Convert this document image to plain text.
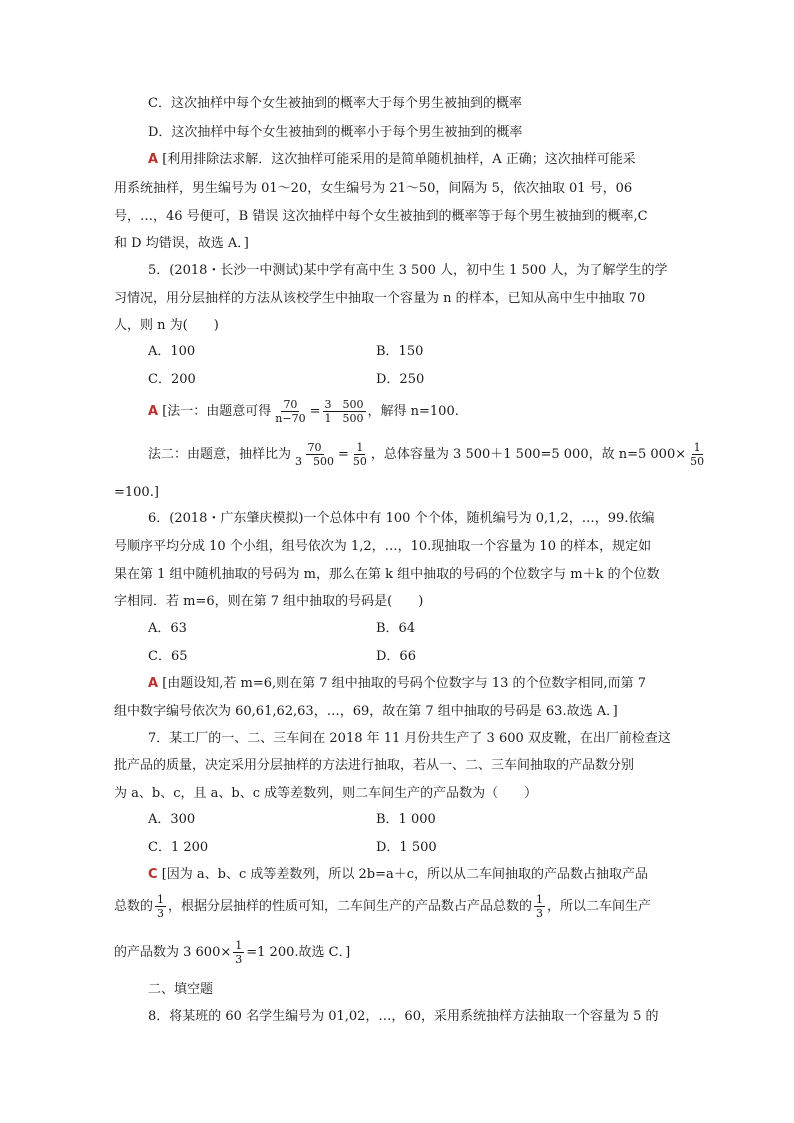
C．这次抽样中每个女生被抽到的概率大于每个男生被抽到的概率
D．这次抽样中每个女生被抽到的概率小于每个男生被抽到的概率
A [利用排除法求解．这次抽样可能采用的是简单随机抽样，A 正确；这次抽样可能采
用系统抽样，男生编号为 01～20，女生编号为 21～50，间隔为 5，依次抽取 01 号，06
号，…，46 号便可，B 错误 这次抽样中每个女生被抽到的概率等于每个男生被抽到的概率,C
和 D 均错误，故选 A．]
5．(2018・长沙一中测试)某中学有高中生 3 500 人，初中生 1 500 人，为了解学生的学
习情况，用分层抽样的方法从该校学生中抽取一个容量为 n 的样本，已知从高中生中抽取 70
人，则 n 为(　　)
A．100	B．150
C．200	D．250
A [法一：由题意可得 $\frac{70}{n-70} = \frac{3 500}{1 500}$ ，解得 n=100.
法二：由题意，抽样比为 $\frac{70}{3 500} = \frac{1}{50}$ ，总体容量为 3 500＋1 500=5 000，故 n=5 $000\times \frac{1}{50}$
=100.]
6．(2018・广东肇庆模拟)一个总体中有 100 个个体，随机编号为 0,1,2，…，99.依编
号顺序平均分成 10 个小组，组号依次为 1,2，…，10.现抽取一个容量为 10 的样本，规定如
果在第 1 组中随机抽取的号码为 m，那么在第 k 组中抽取的号码的个位数字与 m＋k 的个位数
字相同．若 m=6，则在第 7 组中抽取的号码是(　　)
A．63	B．64
C．65	D．66
A [由题设知,若 m=6,则在第 7 组中抽取的号码个位数字与 13 的个位数字相同,而第 7
组中数字编号依次为 60,61,62,63，…，69，故在第 7 组中抽取的号码是 63.故选 A．]
7．某工厂的一、二、三车间在 2018 年 11 月份共生产了 3 600 双皮靴，在出厂前检查这
批产品的质量，决定采用分层抽样的方法进行抽取，若从一、二、三车间抽取的产品数分别
为 a、b、c，且 a、b、c 成等差数列，则二车间生产的产品数为（　　）
A．300	B．1 000
C．1 200	D．1 500
C [因为 a、b、c 成等差数列，所以 2b=a＋c，所以从二车间抽取的产品数占抽取产品
总数的 $\frac{1}{3}$ ，根据分层抽样的性质可知，二车间生产的产品数占产品总数的 $\frac{1}{3}$ ，所以二车间生产
的产品数为 3 $600\times \frac{1}{3} =1$ 200.故选 C．]
二、填空题
8．将某班的 60 名学生编号为 01,02，…，60，采用系统抽样方法抽取一个容量为 5 的
